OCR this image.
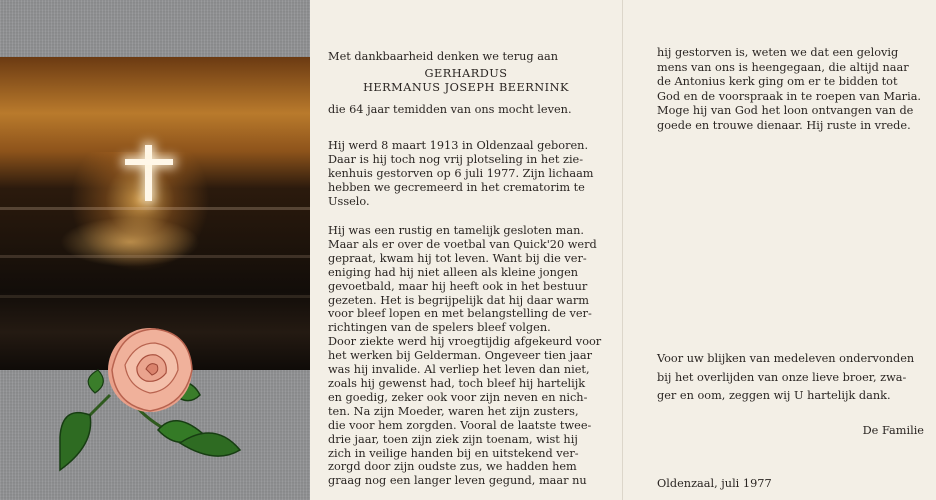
Met dankbaarheid denken we terug aan
GERHARDUS
HERMANUS JOSEPH BEERNINK
die 64 jaar temidden van ons mocht leven.
Hij werd 8 maart 1913 in Oldenzaal geboren.
Daar is hij toch nog vrij plotseling in het zie-
kenhuis gestorven op 6 juli 1977. Zijn lichaam
hebben we gecremeerd in het crematorim te
Usselo.
Hij was een rustig en tamelijk gesloten man.
Maar als er over de voetbal van Quick'20 werd
gepraat, kwam hij tot leven. Want bij die ver-
eniging had hij niet alleen als kleine jongen
gevoetbald, maar hij heeft ook in het bestuur
gezeten. Het is begrijpelijk dat hij daar warm
voor bleef lopen en met belangstelling de ver-
richtingen van de spelers bleef volgen.
Door ziekte werd hij vroegtijdig afgekeurd voor
het werken bij Gelderman. Ongeveer tien jaar
was hij invalide. Al verliep het leven dan niet,
zoals hij gewenst had, toch bleef hij hartelijk
en goedig, zeker ook voor zijn neven en nich-
ten. Na zijn Moeder, waren het zijn zusters,
die voor hem zorgden. Vooral de laatste twee-
drie jaar, toen zijn ziek zijn toenam, wist hij
zich in veilige handen bij en uitstekend ver-
zorgd door zijn oudste zus, we hadden hem
graag nog een langer leven gegund, maar nu
hij gestorven is, weten we dat een gelovig
mens van ons is heengegaan, die altijd naar
de Antonius kerk ging om er te bidden tot
God en de voorspraak in te roepen van Maria.
Moge hij van God het loon ontvangen van de
goede en trouwe dienaar. Hij ruste in vrede.
Voor uw blijken van medeleven ondervonden
bij het overlijden van onze lieve broer, zwa-
ger en oom, zeggen wij U hartelijk dank.
De Familie
Oldenzaal, juli 1977
